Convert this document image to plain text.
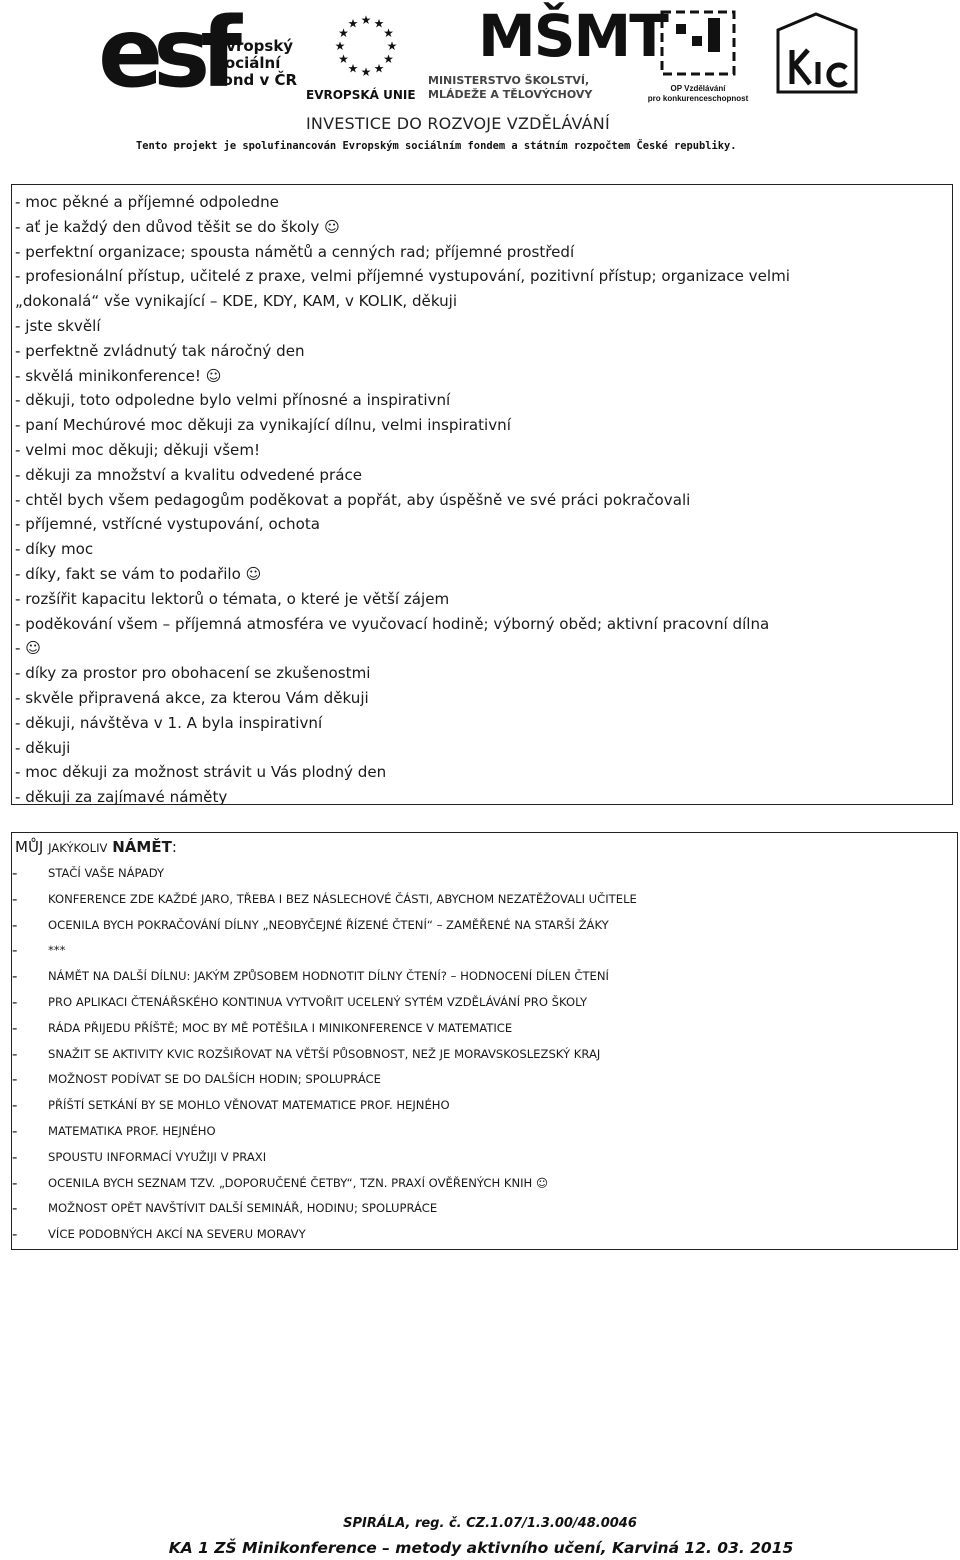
esf
evropský
sociální
fond v ČR
★ ★
★
★
★
★
★
★
★
★
★
★
EVROPSKÁ UNIE
MŠMT
MINISTERSTVO ŠKOLSTVÍ,
MLÁDEŽE A TĚLOVÝCHOVY	OP Vzdělávání
pro konkurenceschopnost
INVESTICE DO ROZVOJE VZDĚLÁVÁNÍ
Tento projekt je spolufinancován Evropským sociálním fondem a státním rozpočtem České republiky.
- moc pěkné a příjemné odpoledne
- ať je každý den důvod těšit se do školy ☺
- perfektní organizace; spousta námětů a cenných rad; příjemné prostředí
- profesionální přístup, učitelé z praxe, velmi příjemné vystupování, pozitivní přístup; organizace velmi
„dokonalá“ vše vynikající – KDE, KDY, KAM, v KOLIK, děkuji
- jste skvělí
- perfektně zvládnutý tak náročný den
- skvělá minikonference! ☺
- děkuji, toto odpoledne bylo velmi přínosné a inspirativní
- paní Mechúrové moc děkuji za vynikající dílnu, velmi inspirativní
- velmi moc děkuji; děkuji všem!
- děkuji za množství a kvalitu odvedené práce
- chtěl bych všem pedagogům poděkovat a popřát, aby úspěšně ve své práci pokračovali
- příjemné, vstřícné vystupování, ochota
- díky moc
- díky, fakt se vám to podařilo ☺
- rozšířit kapacitu lektorů o témata, o které je větší zájem
- poděkování všem – příjemná atmosféra ve vyučovací hodině; výborný oběd; aktivní pracovní dílna
- ☺
- díky za prostor pro obohacení se zkušenostmi
- skvěle připravená akce, za kterou Vám děkuji
- děkuji, návštěva v 1. A byla inspirativní
- děkuji
- moc děkuji za možnost strávit u Vás plodný den
- děkuji za zajímavé náměty
MŮJ JAKÝKOLIV NÁMĚT:
-	STAČÍ VAŠE NÁPADY
-	KONFERENCE ZDE KAŽDÉ JARO, TŘEBA I BEZ NÁSLECHOVÉ ČÁSTI, ABYCHOM NEZATĚŽOVALI UČITELE
-	OCENILA BYCH POKRAČOVÁNÍ DÍLNY „NEOBYČEJNÉ ŘÍZENÉ ČTENÍ“ – ZAMĚŘENÉ NA STARŠÍ ŽÁKY
-	***
-	NÁMĚT NA DALŠÍ DÍLNU: JAKÝM ZPŮSOBEM HODNOTIT DÍLNY ČTENÍ? – HODNOCENÍ DÍLEN ČTENÍ
-	PRO APLIKACI ČTENÁŘSKÉHO KONTINUA VYTVOŘIT UCELENÝ SYTÉM VZDĚLÁVÁNÍ PRO ŠKOLY
-	RÁDA PŘIJEDU PŘÍŠTĚ; MOC BY MĚ POTĚŠILA I MINIKONFERENCE V MATEMATICE
-	SNAŽIT SE AKTIVITY KVIC ROZŠIŘOVAT NA VĚTŠÍ PŮSOBNOST, NEŽ JE MORAVSKOSLEZSKÝ KRAJ
-	MOŽNOST PODÍVAT SE DO DALŠÍCH HODIN; SPOLUPRÁCE
-	PŘÍŠTÍ SETKÁNÍ BY SE MOHLO VĚNOVAT MATEMATICE PROF. HEJNÉHO
-	MATEMATIKA PROF. HEJNÉHO
-	SPOUSTU INFORMACÍ VYUŽIJI V PRAXI
-	OCENILA BYCH SEZNAM TZV. „DOPORUČENÉ ČETBY“, TZN. PRAXÍ OVĚŘENÝCH KNIH ☺
-	MOŽNOST OPĚT NAVŠTÍVIT DALŠÍ SEMINÁŘ, HODINU; SPOLUPRÁCE
-	VÍCE PODOBNÝCH AKCÍ NA SEVERU MORAVY
SPIRÁLA, reg. č. CZ.1.07/1.3.00/48.0046
KA 1 ZŠ Minikonference – metody aktivního učení, Karviná 12. 03. 2015
